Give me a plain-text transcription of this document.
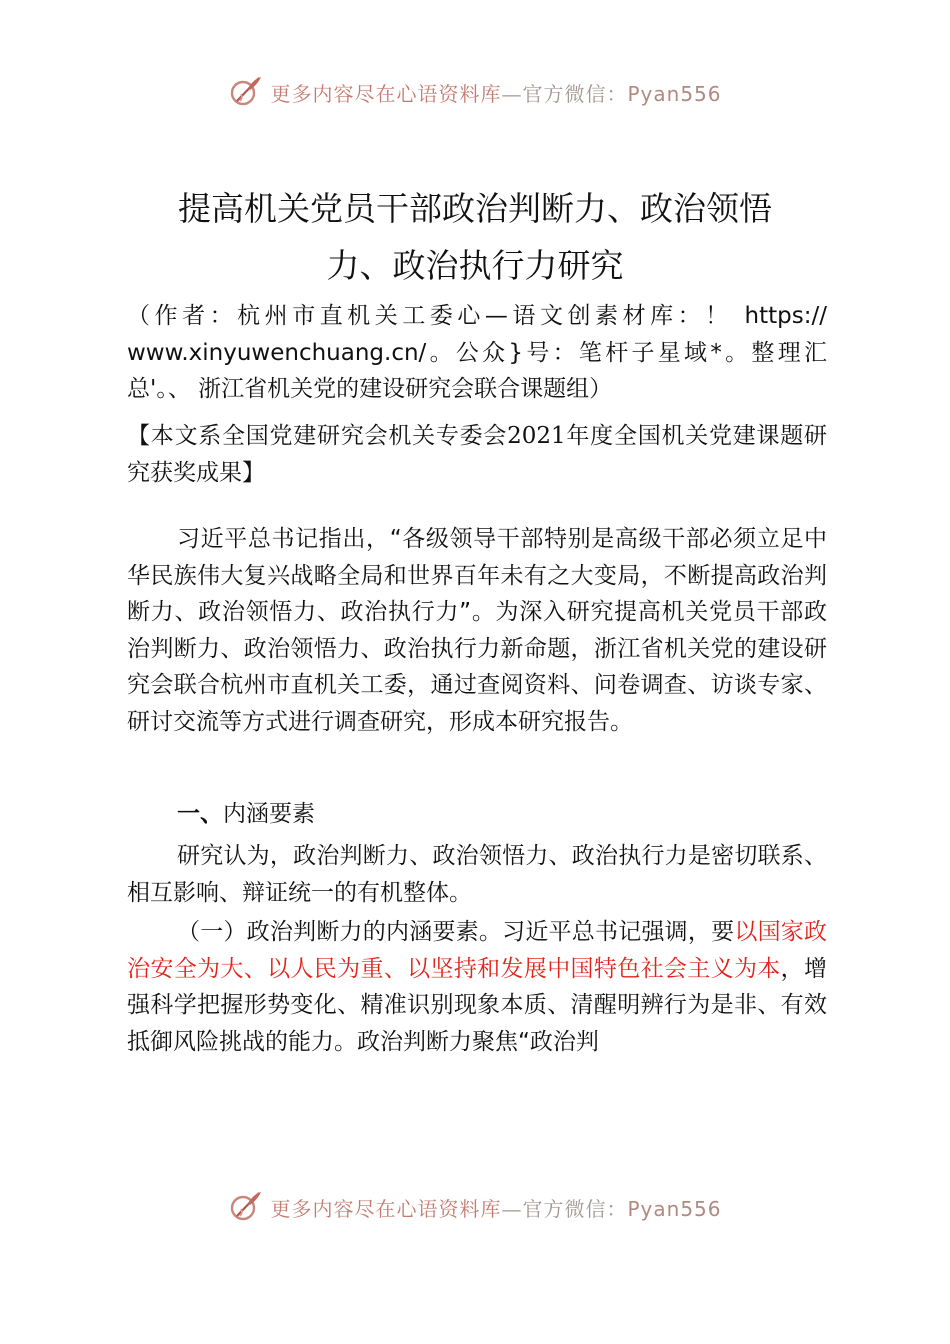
更多内容尽在心语资料库—官方微信：Pyan556
提高机关党员干部政治判断力、政治领悟
力、政治执行力研究

（作者：杭州市直机关工委心—语文创素材库：！ https:// www.xinyuwenchuang.cn/。公众}号：笔杆子星域*。整理汇总'。、 浙江省机关党的建设研究会联合课题组）

【本文系全国党建研究会机关专委会2021年度全国机关党建课题研究获奖成果】

习近平总书记指出，“各级领导干部特别是高级干部必须立足中华民族伟大复兴战略全局和世界百年未有之大变局，不断提高政治判断力、政治领悟力、政治执行力”。为深入研究提高机关党员干部政治判断力、政治领悟力、政治执行力新命题，浙江省机关党的建设研究会联合杭州市直机关工委，通过查阅资料、问卷调查、访谈专家、研讨交流等方式进行调查研究，形成本研究报告。

一、内涵要素

研究认为，政治判断力、政治领悟力、政治执行力是密切联系、相互影响、辩证统一的有机整体。

（一）政治判断力的内涵要素。习近平总书记强调，要以国家政治安全为大、以人民为重、以坚持和发展中国特色社会主义为本，增强科学把握形势变化、精准识别现象本质、清醒明辨行为是非、有效抵御风险挑战的能力。政治判断力聚焦“政治判

更多内容尽在心语资料库—官方微信：Pyan556
